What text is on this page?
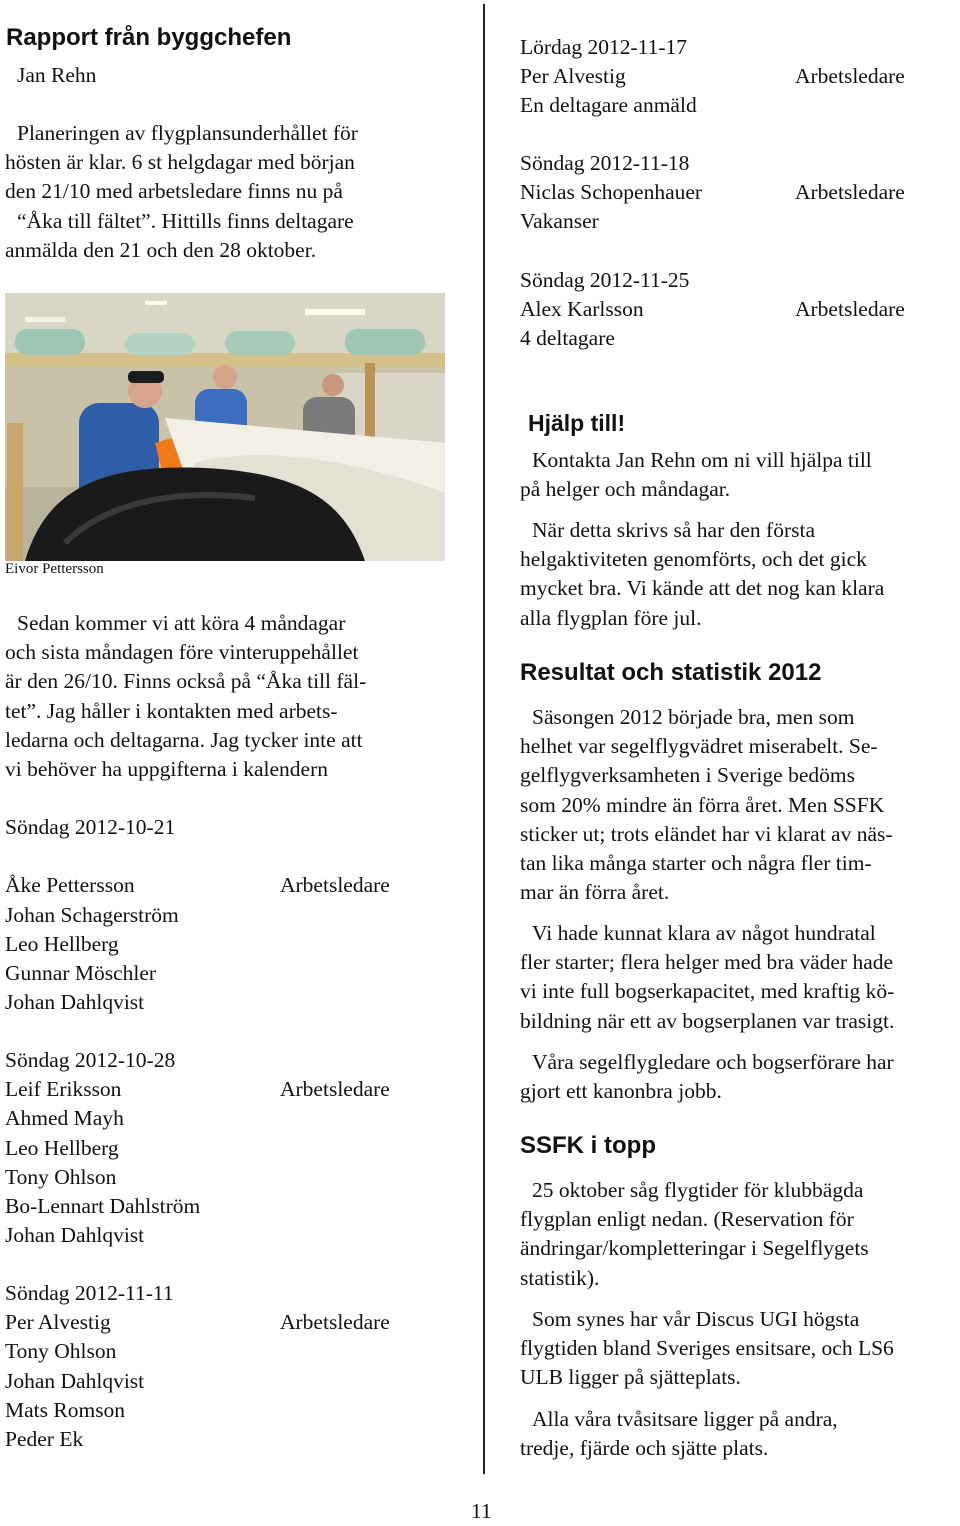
Rapport från byggchefen
Jan Rehn
Planeringen av flygplansunderhållet för
hösten är klar. 6 st helgdagar med början
den 21/10 med arbetsledare finns nu på
“Åka till fältet”. Hittills finns deltagare
anmälda den 21 och den 28 oktober.
Eivor Pettersson
Sedan kommer vi att köra 4 måndagar
och sista måndagen före vinteruppehållet
är den 26/10. Finns också på “Åka till fäl-
tet”. Jag håller i kontakten med arbets-
ledarna och deltagarna. Jag tycker inte att
vi behöver ha uppgifterna i kalendern
Söndag 2012-10-21
Åke Pettersson	Arbetsledare
Johan Schagerström
Leo Hellberg
Gunnar Möschler
Johan Dahlqvist
Söndag 2012-10-28
Leif Eriksson	Arbetsledare
Ahmed Mayh
Leo Hellberg
Tony Ohlson
Bo-Lennart Dahlström
Johan Dahlqvist
Söndag 2012-11-11
Per Alvestig	Arbetsledare
Tony Ohlson
Johan Dahlqvist
Mats Romson
Peder Ek
Lördag 2012-11-17
Per Alvestig	Arbetsledare
En deltagare anmäld
Söndag 2012-11-18
Niclas Schopenhauer	Arbetsledare
Vakanser
Söndag 2012-11-25
Alex Karlsson	Arbetsledare
4 deltagare
Hjälp till!
Kontakta Jan Rehn om ni vill hjälpa till
på helger och måndagar.
När detta skrivs så har den första
helgaktiviteten genomförts, och det gick
mycket bra. Vi kände att det nog kan klara
alla flygplan före jul.
Resultat och statistik 2012
Säsongen 2012 började bra, men som
helhet var segelflygvädret miserabelt. Se-
gelflygverksamheten i Sverige bedöms
som 20% mindre än förra året. Men SSFK
sticker ut; trots eländet har vi klarat av näs-
tan lika många starter och några fler tim-
mar än förra året.
Vi hade kunnat klara av något hundratal
fler starter; flera helger med bra väder hade
vi inte full bogserkapacitet, med kraftig kö-
bildning när ett av bogserplanen var trasigt.
Våra segelflygledare och bogserförare har
gjort ett kanonbra jobb.
SSFK i topp
25 oktober såg flygtider för klubbägda
flygplan enligt nedan. (Reservation för
ändringar/kompletteringar i Segelflygets
statistik).
Som synes har vår Discus UGI högsta
flygtiden bland Sveriges ensitsare, och LS6
ULB ligger på sjätteplats.
Alla våra tvåsitsare ligger på andra,
tredje, fjärde och sjätte plats.
11
